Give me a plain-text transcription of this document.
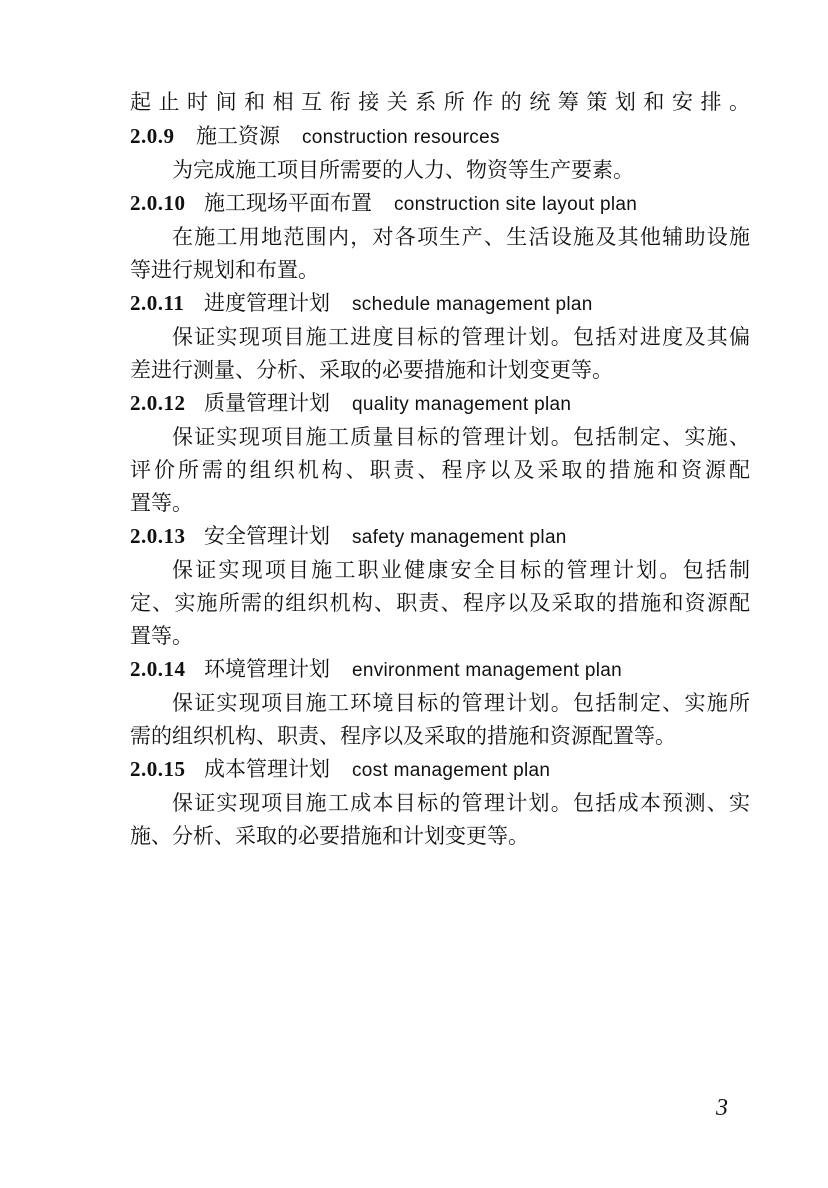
起止时间和相互衔接关系所作的统筹策划和安排。
2.0.9 施工资源 construction resources
为完成施工项目所需要的人力、物资等生产要素。
2.0.10 施工现场平面布置 construction site layout plan
在施工用地范围内，对各项生产、生活设施及其他辅助设施
等进行规划和布置。
2.0.11 进度管理计划 schedule management plan
保证实现项目施工进度目标的管理计划。包括对进度及其偏
差进行测量、分析、采取的必要措施和计划变更等。
2.0.12 质量管理计划 quality management plan
保证实现项目施工质量目标的管理计划。包括制定、实施、
评价所需的组织机构、职责、程序以及采取的措施和资源配
置等。
2.0.13 安全管理计划 safety management plan
保证实现项目施工职业健康安全目标的管理计划。包括制
定、实施所需的组织机构、职责、程序以及采取的措施和资源配
置等。
2.0.14 环境管理计划 environment management plan
保证实现项目施工环境目标的管理计划。包括制定、实施所
需的组织机构、职责、程序以及采取的措施和资源配置等。
2.0.15 成本管理计划 cost management plan
保证实现项目施工成本目标的管理计划。包括成本预测、实
施、分析、采取的必要措施和计划变更等。
3
